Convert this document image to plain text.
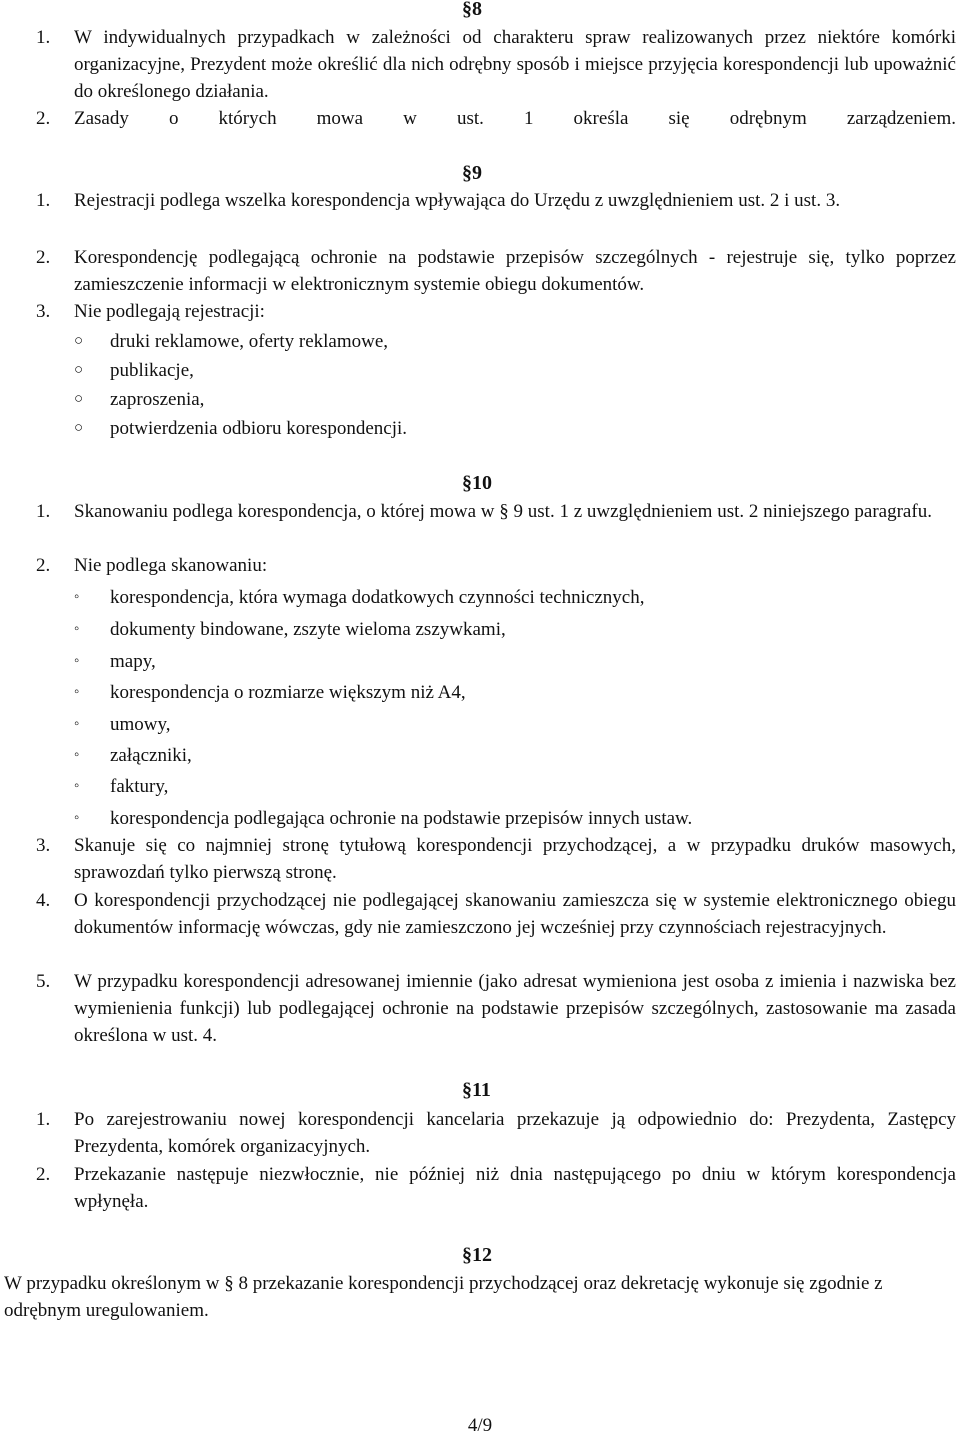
§8
1. W indywidualnych przypadkach w zależności od charakteru spraw realizowanych przez niektóre komórki organizacyjne, Prezydent może określić dla nich odrębny sposób i miejsce przyjęcia korespondencji lub upoważnić do określonego działania.
2. Zasady o których mowa w ust. 1 określa się odrębnym zarządzeniem.
§9
1. Rejestracji podlega wszelka korespondencja wpływająca do Urzędu z uwzględnieniem ust. 2 i ust. 3.
2. Korespondencję podlegającą ochronie na podstawie przepisów szczególnych - rejestruje się, tylko poprzez zamieszczenie informacji w elektronicznym systemie obiegu dokumentów.
3. Nie podlegają rejestracji:
○ druki reklamowe, oferty reklamowe,
○ publikacje,
○ zaproszenia,
○ potwierdzenia odbioru korespondencji.
§10
1. Skanowaniu podlega korespondencja, o której mowa w § 9 ust. 1 z uwzględnieniem ust. 2 niniejszego paragrafu.
2. Nie podlega skanowaniu:
◦ korespondencja, która wymaga dodatkowych czynności technicznych,
◦ dokumenty bindowane, zszyte wieloma zszywkami,
◦ mapy,
◦ korespondencja o rozmiarze większym niż A4,
◦ umowy,
◦ załączniki,
◦ faktury,
◦ korespondencja podlegająca ochronie na podstawie przepisów innych ustaw.
3. Skanuje się co najmniej stronę tytułową korespondencji przychodzącej, a w przypadku druków masowych, sprawozdań tylko pierwszą stronę.
4. O korespondencji przychodzącej nie podlegającej skanowaniu zamieszcza się w systemie elektronicznego obiegu dokumentów informację wówczas, gdy nie zamieszczono jej wcześniej przy czynnościach rejestracyjnych.
5. W przypadku korespondencji adresowanej imiennie (jako adresat wymieniona jest osoba z imienia i nazwiska bez wymienienia funkcji) lub podlegającej ochronie na podstawie przepisów szczególnych, zastosowanie ma zasada określona w ust. 4.
§11
1. Po zarejestrowaniu nowej korespondencji kancelaria przekazuje ją odpowiednio do: Prezydenta, Zastępcy Prezydenta, komórek organizacyjnych.
2. Przekazanie następuje niezwłocznie, nie później niż dnia następującego po dniu w którym korespondencja wpłynęła.
§12
W przypadku określonym w § 8 przekazanie korespondencji przychodzącej oraz dekretację wykonuje się zgodnie z odrębnym uregulowaniem.
4/9
